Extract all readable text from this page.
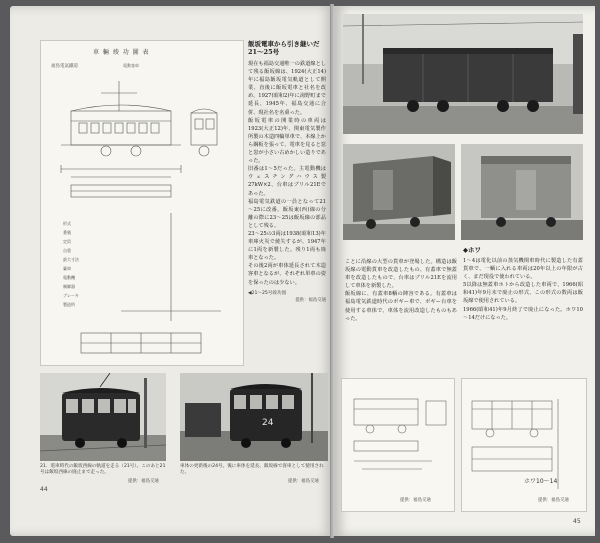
車 輛 竣 功 圖 表
福島電氣鐵道	電動客車
形式
番號
定員
自重
最大寸法
臺車
電動機
制御器
ブレーキ
製造所
飯坂電車から引き継いだ
21～25号
現在も福島交通唯一の鉄道線として残る飯坂線は、1924(大正14)年に福島飯坂電気軌道として開業、直後に飯坂電車と社名を改め、1927(昭和2)年に湯野町まで延長、1945年、福島交通に合併、現社名を名乗った。
飯坂電車の開業時の車両は1923(大正12)年、関東電気製作所製の木造四輪単車で、本線上から鋼板を張って、電車を見ると窓と窓が小さい古めかしい造りであった。
旧番は1～5だった。主電動機はウェスチングハウス製27kW×2、台車はブリル21Eであった。
福島電気鉄道の一員となって21～25に改番。飯坂東(西)線の分離の際に23～25は飯坂線の部品として残る。
23～25の3両は1938(昭和13)年車庫火災で焼失するが、1947年に1両を新製した。残り1両も廃車となった。
その後2両が車体延長されて木造客車となるが、それぞれ単車の姿を保ったのは少ない。
◀21～25号竣功図
提供：福島交通
21．電車時代の飯坂西線の軌道を走る（21号）。このあと21号は飯坂西線の廃止まで走った。
提供：福島交通
24
車体の更新後の24号。後に車体を延長、飯坂線で客車として使用された。
提供：福島交通
44
ことに沿線の大型の貨車が登場した。構造は飯坂線の電動貨車を改造したもの、有蓋車で無蓋車を改造したもので、台車はブリル21Eを流用して車体を新製した。
飯坂線に、有蓋車8輌の陣容である。有蓋車は福島電気鉄道時代のボギー車で、ボギー台車を使用する車体で、車体を流用改造したものもあった。
◆ホワ
1～4は電化以前の蒸気機関車時代に製造した有蓋貨車で、一輌に入れる車両は20年以上の年限が古く、まだ現役で使われている。
5以降は無蓋車ホトから改造した車両で、1966(昭和41)年9月末で廃止の形式、この形式の数両は飯坂線で使用されている。
1966(昭和41)年9月終了で廃止になった。ホワ10～14だけになった。
提供：福島交通
ホワ10～14
提供：福島交通
45
